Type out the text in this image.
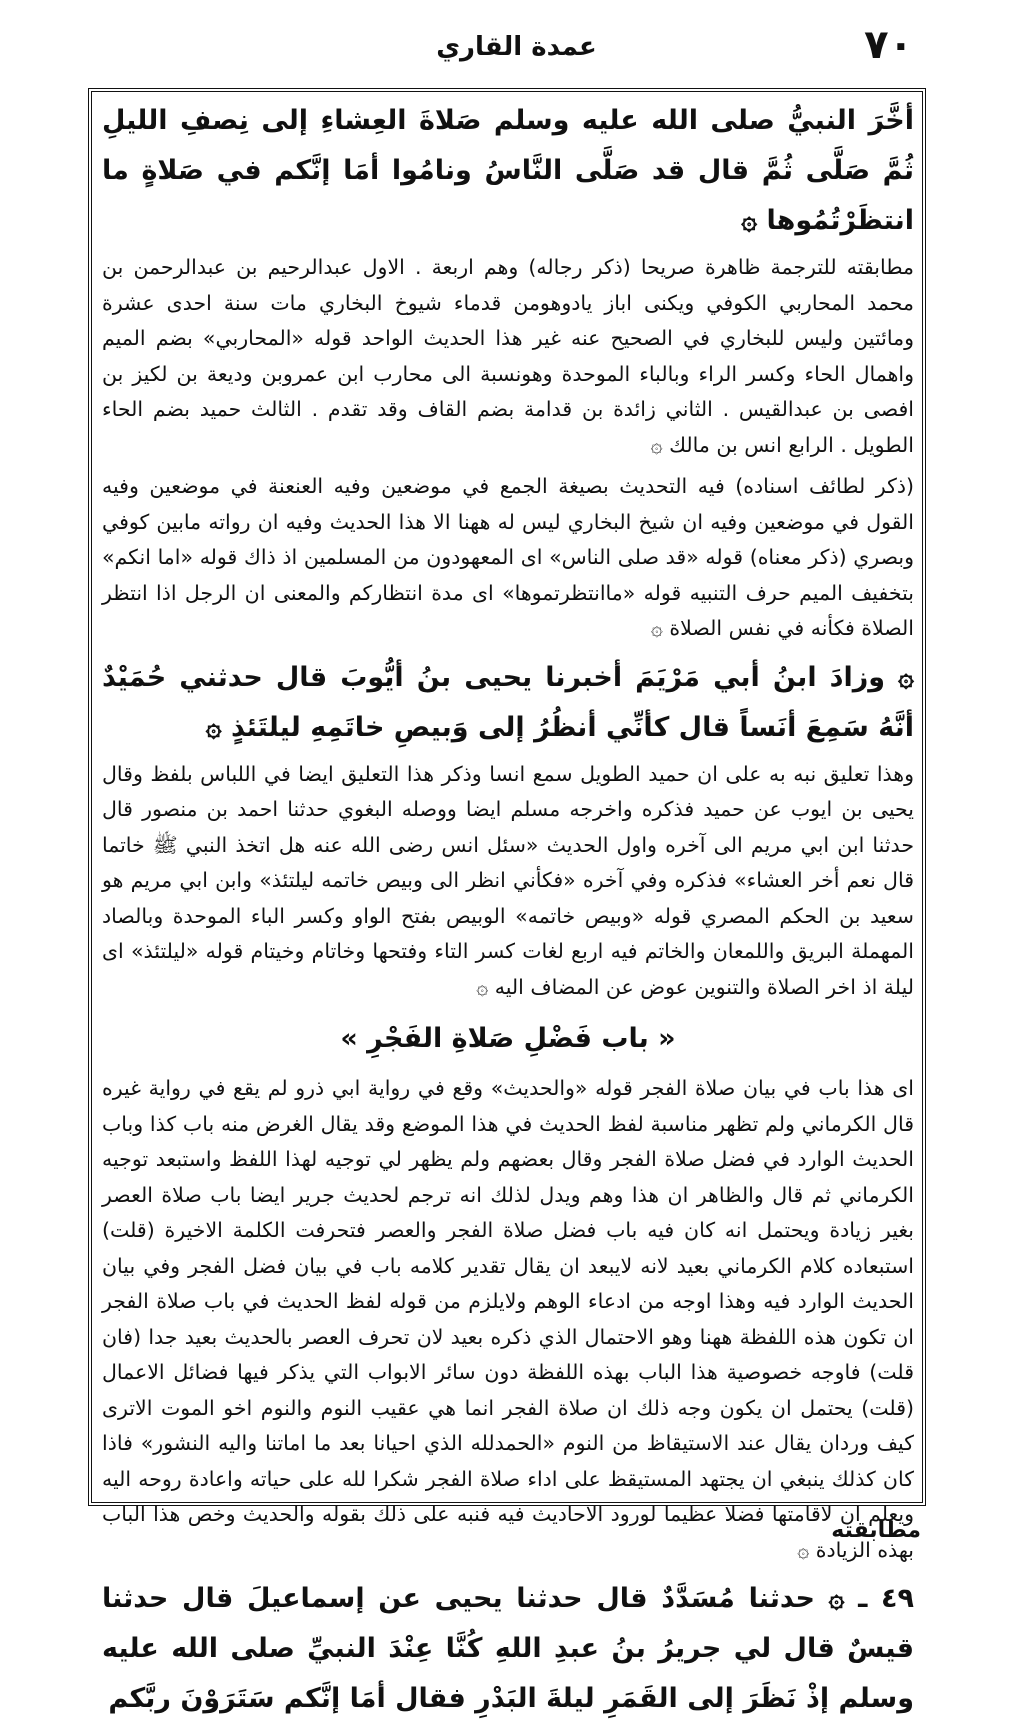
٧٠
عمدة القاري

أخَّرَ النبيُّ صلى الله عليه وسلم صَلاةَ العِشاءِ إلى نِصفِ الليلِ ثُمَّ صَلَّى ثُمَّ قال قد صَلَّى النَّاسُ ونامُوا أمَا إنَّكم في صَلاةٍ ما انتظَرْتُمُوها ۞

مطابقته للترجمة ظاهرة صريحا (ذكر رجاله) وهم اربعة . الاول عبدالرحيم بن عبدالرحمن بن محمد المحاربي الكوفي ويكنى اباز يادوهومن قدماء شيوخ البخاري مات سنة احدى عشرة ومائتين وليس للبخاري في الصحيح عنه غير هذا الحديث الواحد قوله «المحاربي» بضم الميم واهمال الحاء وكسر الراء وبالباء الموحدة وهونسبة الى محارب ابن عمروبن وديعة بن لكيز بن افصى بن عبدالقيس . الثاني زائدة بن قدامة بضم القاف وقد تقدم . الثالث حميد بضم الحاء الطويل . الرابع انس بن مالك ۞

(ذكر لطائف اسناده) فيه التحديث بصيغة الجمع في موضعين وفيه العنعنة في موضعين وفيه القول في موضعين وفيه ان شيخ البخاري ليس له ههنا الا هذا الحديث وفيه ان رواته مابين كوفي وبصري (ذكر معناه) قوله «قد صلى الناس» اى المعهودون من المسلمين اذ ذاك قوله «اما انكم» بتخفيف الميم حرف التنبيه قوله «ماانتظرتموها» اى مدة انتظاركم والمعنى ان الرجل اذا انتظر الصلاة فكأنه في نفس الصلاة ۞

۞ وزادَ ابنُ أبي مَرْيَمَ أخبرنا يحيى بنُ أيُّوبَ قال حدثني حُمَيْدٌ أنَّهُ سَمِعَ أنَساً قال كأنِّي أنظُرُ إلى وَبيصِ خاتَمِهِ ليلتَئذٍ ۞

وهذا تعليق نبه به على ان حميد الطويل سمع انسا وذكر هذا التعليق ايضا في اللباس بلفظ وقال يحيى بن ايوب عن حميد فذكره واخرجه مسلم ايضا ووصله البغوي حدثنا احمد بن منصور قال حدثنا ابن ابي مريم الى آخره واول الحديث «سئل انس رضى الله عنه هل اتخذ النبي ﷺ خاتما قال نعم أخر العشاء» فذكره وفي آخره «فكأني انظر الى وبيص خاتمه ليلتئذ» وابن ابي مريم هو سعيد بن الحكم المصري قوله «وبيص خاتمه» الوبيص بفتح الواو وكسر الباء الموحدة وبالصاد المهملة البريق واللمعان والخاتم فيه اربع لغات كسر التاء وفتحها وخاتام وخيتام قوله «ليلتئذ» اى ليلة اذ اخر الصلاة والتنوين عوض عن المضاف اليه ۞

« باب فَضْلِ صَلاةِ الفَجْرِ »

اى هذا باب في بيان صلاة الفجر قوله «والحديث» وقع في رواية ابي ذرو لم يقع في رواية غيره قال الكرماني ولم تظهر مناسبة لفظ الحديث في هذا الموضع وقد يقال الغرض منه باب كذا وباب الحديث الوارد في فضل صلاة الفجر وقال بعضهم ولم يظهر لي توجيه لهذا اللفظ واستبعد توجيه الكرماني ثم قال والظاهر ان هذا وهم ويدل لذلك انه ترجم لحديث جرير ايضا باب صلاة العصر بغير زيادة ويحتمل انه كان فيه باب فضل صلاة الفجر والعصر فتحرفت الكلمة الاخيرة (قلت) استبعاده كلام الكرماني بعيد لانه لايبعد ان يقال تقدير كلامه باب في بيان فضل الفجر وفي بيان الحديث الوارد فيه وهذا اوجه من ادعاء الوهم ولايلزم من قوله لفظ الحديث في باب صلاة الفجر ان تكون هذه اللفظة ههنا وهو الاحتمال الذي ذكره بعيد لان تحرف العصر بالحديث بعيد جدا (فان قلت) فاوجه خصوصية هذا الباب بهذه اللفظة دون سائر الابواب التي يذكر فيها فضائل الاعمال (قلت) يحتمل ان يكون وجه ذلك ان صلاة الفجر انما هي عقيب النوم والنوم اخو الموت الاترى كيف وردان يقال عند الاستيقاظ من النوم «الحمدلله الذي احيانا بعد ما اماتنا واليه النشور» فاذا كان كذلك ينبغي ان يجتهد المستيقظ على اداء صلاة الفجر شكرا لله على حياته واعادة روحه اليه ويعلم ان لاقامتها فضلا عظيما لورود الاحاديث فيه فنبه على ذلك بقوله والحديث وخص هذا الباب بهذه الزيادة ۞

٤٩ ـ ۞ حدثنا مُسَدَّدٌ قال حدثنا يحيى عن إسماعيلَ قال حدثنا قيسٌ قال لي جريرُ بنُ عبدِ اللهِ كُنَّا عِنْدَ النبيِّ صلى الله عليه وسلم إذْ نَظَرَ إلى القَمَرِ ليلةَ البَدْرِ فقال أمَا إنَّكم سَتَرَوْنَ ربَّكم

مطابقته
